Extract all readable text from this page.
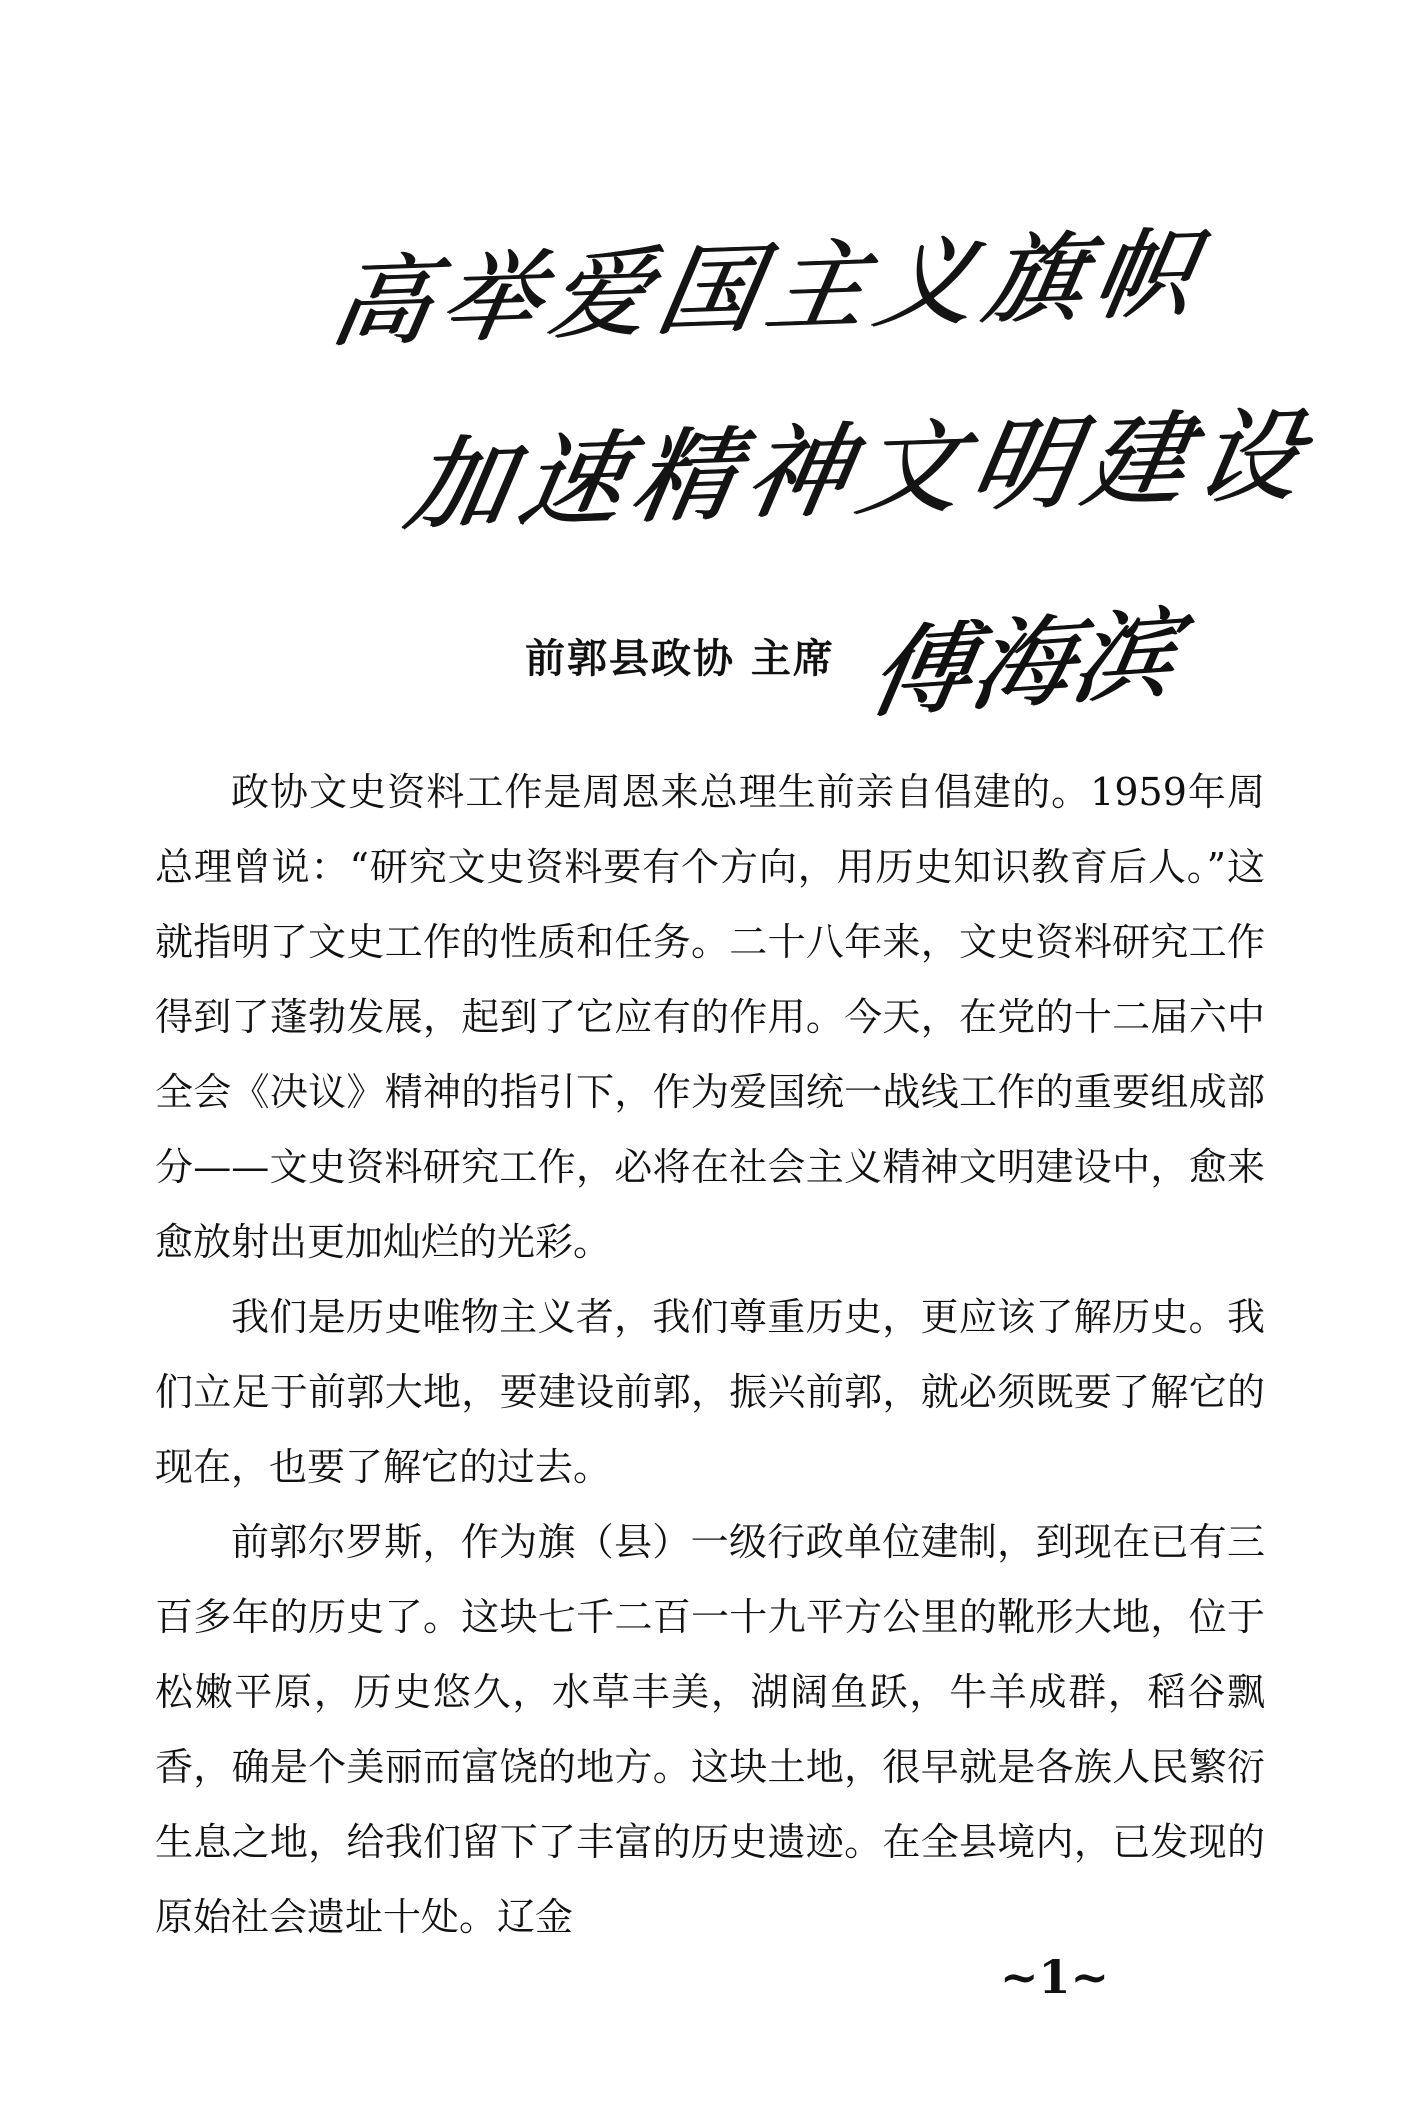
高举爱国主义旗帜
加速精神文明建设
前郭县政协 主席 傅海滨

政协文史资料工作是周恩来总理生前亲自倡建的。1959年周总理曾说：“研究文史资料要有个方向，用历史知识教育后人。”这就指明了文史工作的性质和任务。二十八年来，文史资料研究工作得到了蓬勃发展，起到了它应有的作用。今天，在党的十二届六中全会《决议》精神的指引下，作为爱国统一战线工作的重要组成部分——文史资料研究工作，必将在社会主义精神文明建设中，愈来愈放射出更加灿烂的光彩。

我们是历史唯物主义者，我们尊重历史，更应该了解历史。我们立足于前郭大地，要建设前郭，振兴前郭，就必须既要了解它的现在，也要了解它的过去。

前郭尔罗斯，作为旗（县）一级行政单位建制，到现在已有三百多年的历史了。这块七千二百一十九平方公里的靴形大地，位于松嫩平原，历史悠久，水草丰美，湖阔鱼跃，牛羊成群，稻谷飘香，确是个美丽而富饶的地方。这块土地，很早就是各族人民繁衍生息之地，给我们留下了丰富的历史遗迹。在全县境内，已发现的原始社会遗址十处。辽金

~1~
